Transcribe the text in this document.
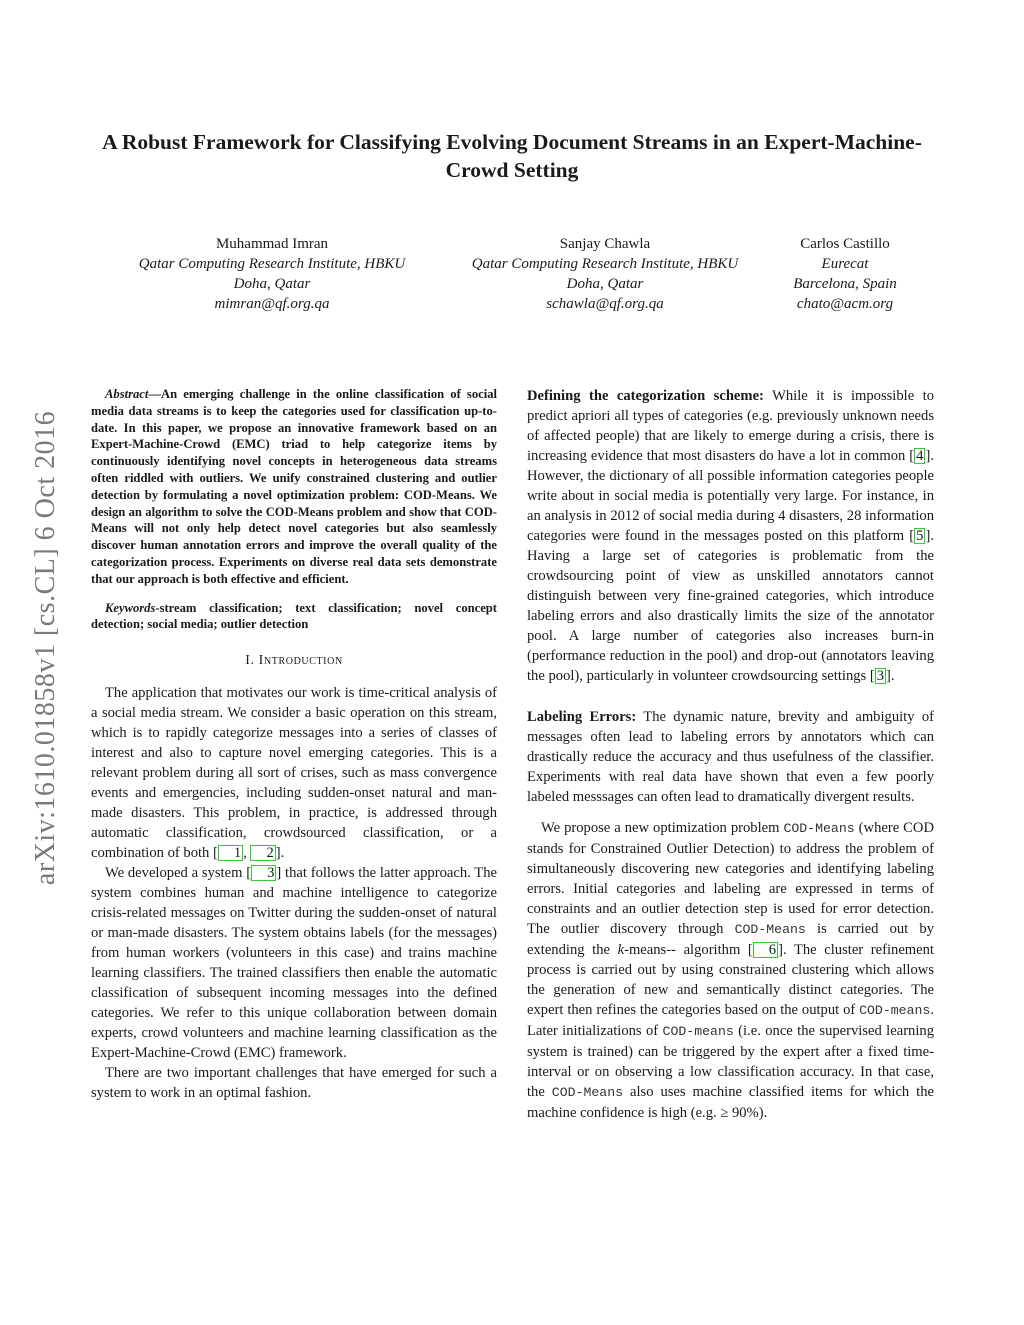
arXiv:1610.01858v1 [cs.CL] 6 Oct 2016
A Robust Framework for Classifying Evolving Document Streams in an Expert-Machine-Crowd Setting
Muhammad Imran
Qatar Computing Research Institute, HBKU
Doha, Qatar
mimran@qf.org.qa
Sanjay Chawla
Qatar Computing Research Institute, HBKU
Doha, Qatar
schawla@qf.org.qa
Carlos Castillo
Eurecat
Barcelona, Spain
chato@acm.org

Abstract—An emerging challenge in the online classification of social media data streams is to keep the categories used for classification up-to-date. In this paper, we propose an innovative framework based on an Expert-Machine-Crowd (EMC) triad to help categorize items by continuously identifying novel concepts in heterogeneous data streams often riddled with outliers. We unify constrained clustering and outlier detection by formulating a novel optimization problem: COD-Means. We design an algorithm to solve the COD-Means problem and show that COD-Means will not only help detect novel categories but also seamlessly discover human annotation errors and improve the overall quality of the categorization process. Experiments on diverse real data sets demonstrate that our approach is both effective and efficient.

Keywords-stream classification; text classification; novel concept detection; social media; outlier detection

I. Introduction

The application that motivates our work is time-critical analysis of a social media stream. We consider a basic operation on this stream, which is to rapidly categorize messages into a series of classes of interest and also to capture novel emerging categories. This is a relevant problem during all sort of crises, such as mass convergence events and emergencies, including sudden-onset natural and man-made disasters. This problem, in practice, is addressed through automatic classification, crowdsourced classification, or a combination of both [ 1 , 2 ].

We developed a system [ 3 ] that follows the latter approach. The system combines human and machine intelligence to categorize crisis-related messages on Twitter during the sudden-onset of natural or man-made disasters. The system obtains labels (for the messages) from human workers (volunteers in this case) and trains machine learning classifiers. The trained classifiers then enable the automatic classification of subsequent incoming messages into the defined categories. We refer to this unique collaboration between domain experts, crowd volunteers and machine learning classification as the Expert-Machine-Crowd (EMC) framework.

There are two important challenges that have emerged for such a system to work in an optimal fashion.

Defining the categorization scheme: While it is impossible to predict apriori all types of categories (e.g. previously unknown needs of affected people) that are likely to emerge during a crisis, there is increasing evidence that most disasters do have a lot in common [ 4 ]. However, the dictionary of all possible information categories people write about in social media is potentially very large. For instance, in an analysis in 2012 of social media during 4 disasters, 28 information categories were found in the messages posted on this platform [ 5 ]. Having a large set of categories is problematic from the crowdsourcing point of view as unskilled annotators cannot distinguish between very fine-grained categories, which introduce labeling errors and also drastically limits the size of the annotator pool. A large number of categories also increases burn-in (performance reduction in the pool) and drop-out (annotators leaving the pool), particularly in volunteer crowdsourcing settings [ 3 ].

Labeling Errors: The dynamic nature, brevity and ambiguity of messages often lead to labeling errors by annotators which can drastically reduce the accuracy and thus usefulness of the classifier. Experiments with real data have shown that even a few poorly labeled messsages can often lead to dramatically divergent results.

We propose a new optimization problem COD-Means (where COD stands for Constrained Outlier Detection) to address the problem of simultaneously discovering new categories and identifying labeling errors. Initial categories and labeling are expressed in terms of constraints and an outlier detection step is used for error detection. The outlier discovery through COD-Means is carried out by extending the k-means-- algorithm [ 6 ]. The cluster refinement process is carried out by using constrained clustering which allows the generation of new and semantically distinct categories. The expert then refines the categories based on the output of COD-means. Later initializations of COD-means (i.e. once the supervised learning system is trained) can be triggered by the expert after a fixed time-interval or on observing a low classification accuracy. In that case, the COD-Means also uses machine classified items for which the machine confidence is high (e.g. ≥ 90%).
